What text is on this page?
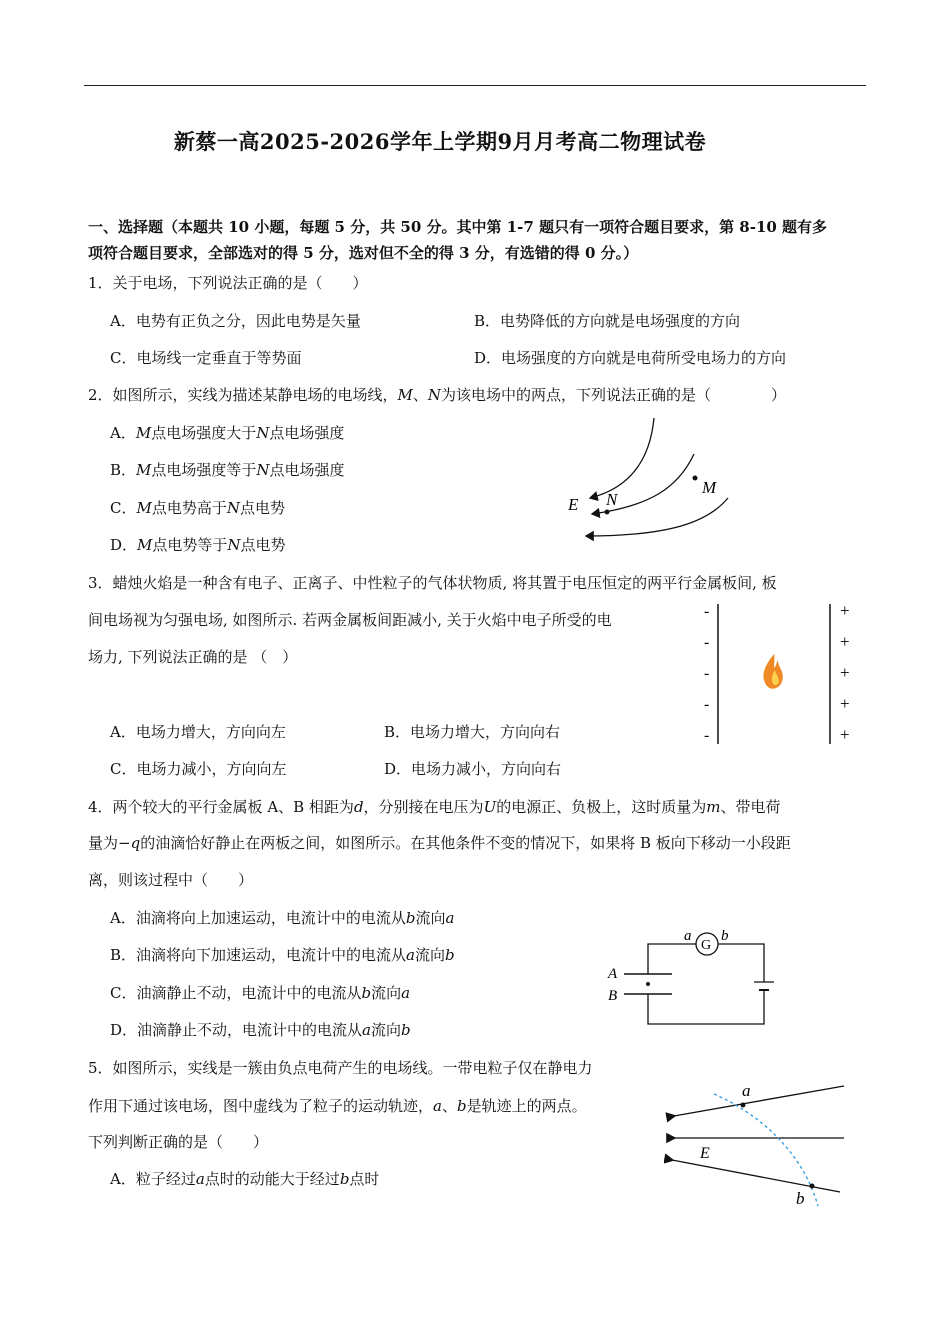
新蔡一高2025-2026学年上学期9月月考高二物理试卷
一、选择题（本题共 10 小题，每题 5 分，共 50 分。其中第 1-7 题只有一项符合题目要求，第 8-10 题有多
项符合题目要求，全部选对的得 5 分，选对但不全的得 3 分，有选错的得 0 分。）
1．关于电场，下列说法正确的是（　　）
A．电势有正负之分，因此电势是矢量	B．电势降低的方向就是电场强度的方向
C．电场线一定垂直于等势面	D．电场强度的方向就是电荷所受电场力的方向
2．如图所示，实线为描述某静电场的电场线，M、N为该电场中的两点，下列说法正确的是（　　　　）
A．M点电场强度大于N点电场强度
B．M点电场强度等于N点电场强度
C．M点电势高于N点电势
D．M点电势等于N点电势
E N
M
3．蜡烛火焰是一种含有电子、正离子、中性粒子的气体状物质, 将其置于电压恒定的两平行金属板间, 板
间电场视为匀强电场, 如图所示. 若两金属板间距减小, 关于火焰中电子所受的电
场力, 下列说法正确的是 （　）
A．电场力增大，方向向左	B．电场力增大，方向向右
C．电场力减小，方向向左	D．电场力减小，方向向右
-
-
-
-
-
+
+
+
+
+
4．两个较大的平行金属板 A、B 相距为d，分别接在电压为U的电源正、负极上，这时质量为m、带电荷
量为−q的油滴恰好静止在两板之间，如图所示。在其他条件不变的情况下，如果将 B 板向下移动一小段距
离，则该过程中（　　）
A．油滴将向上加速运动，电流计中的电流从b流向a
B．油滴将向下加速运动，电流计中的电流从a流向b
C．油滴静止不动，电流计中的电流从b流向a
D．油滴静止不动，电流计中的电流从a流向b
G
a b
A
B
5．如图所示，实线是一簇由负点电荷产生的电场线。一带电粒子仅在静电力
作用下通过该电场，图中虚线为了粒子的运动轨迹，a、b是轨迹上的两点。
下列判断正确的是（　　）
A．粒子经过a点时的动能大于经过b点时
a
E
b
